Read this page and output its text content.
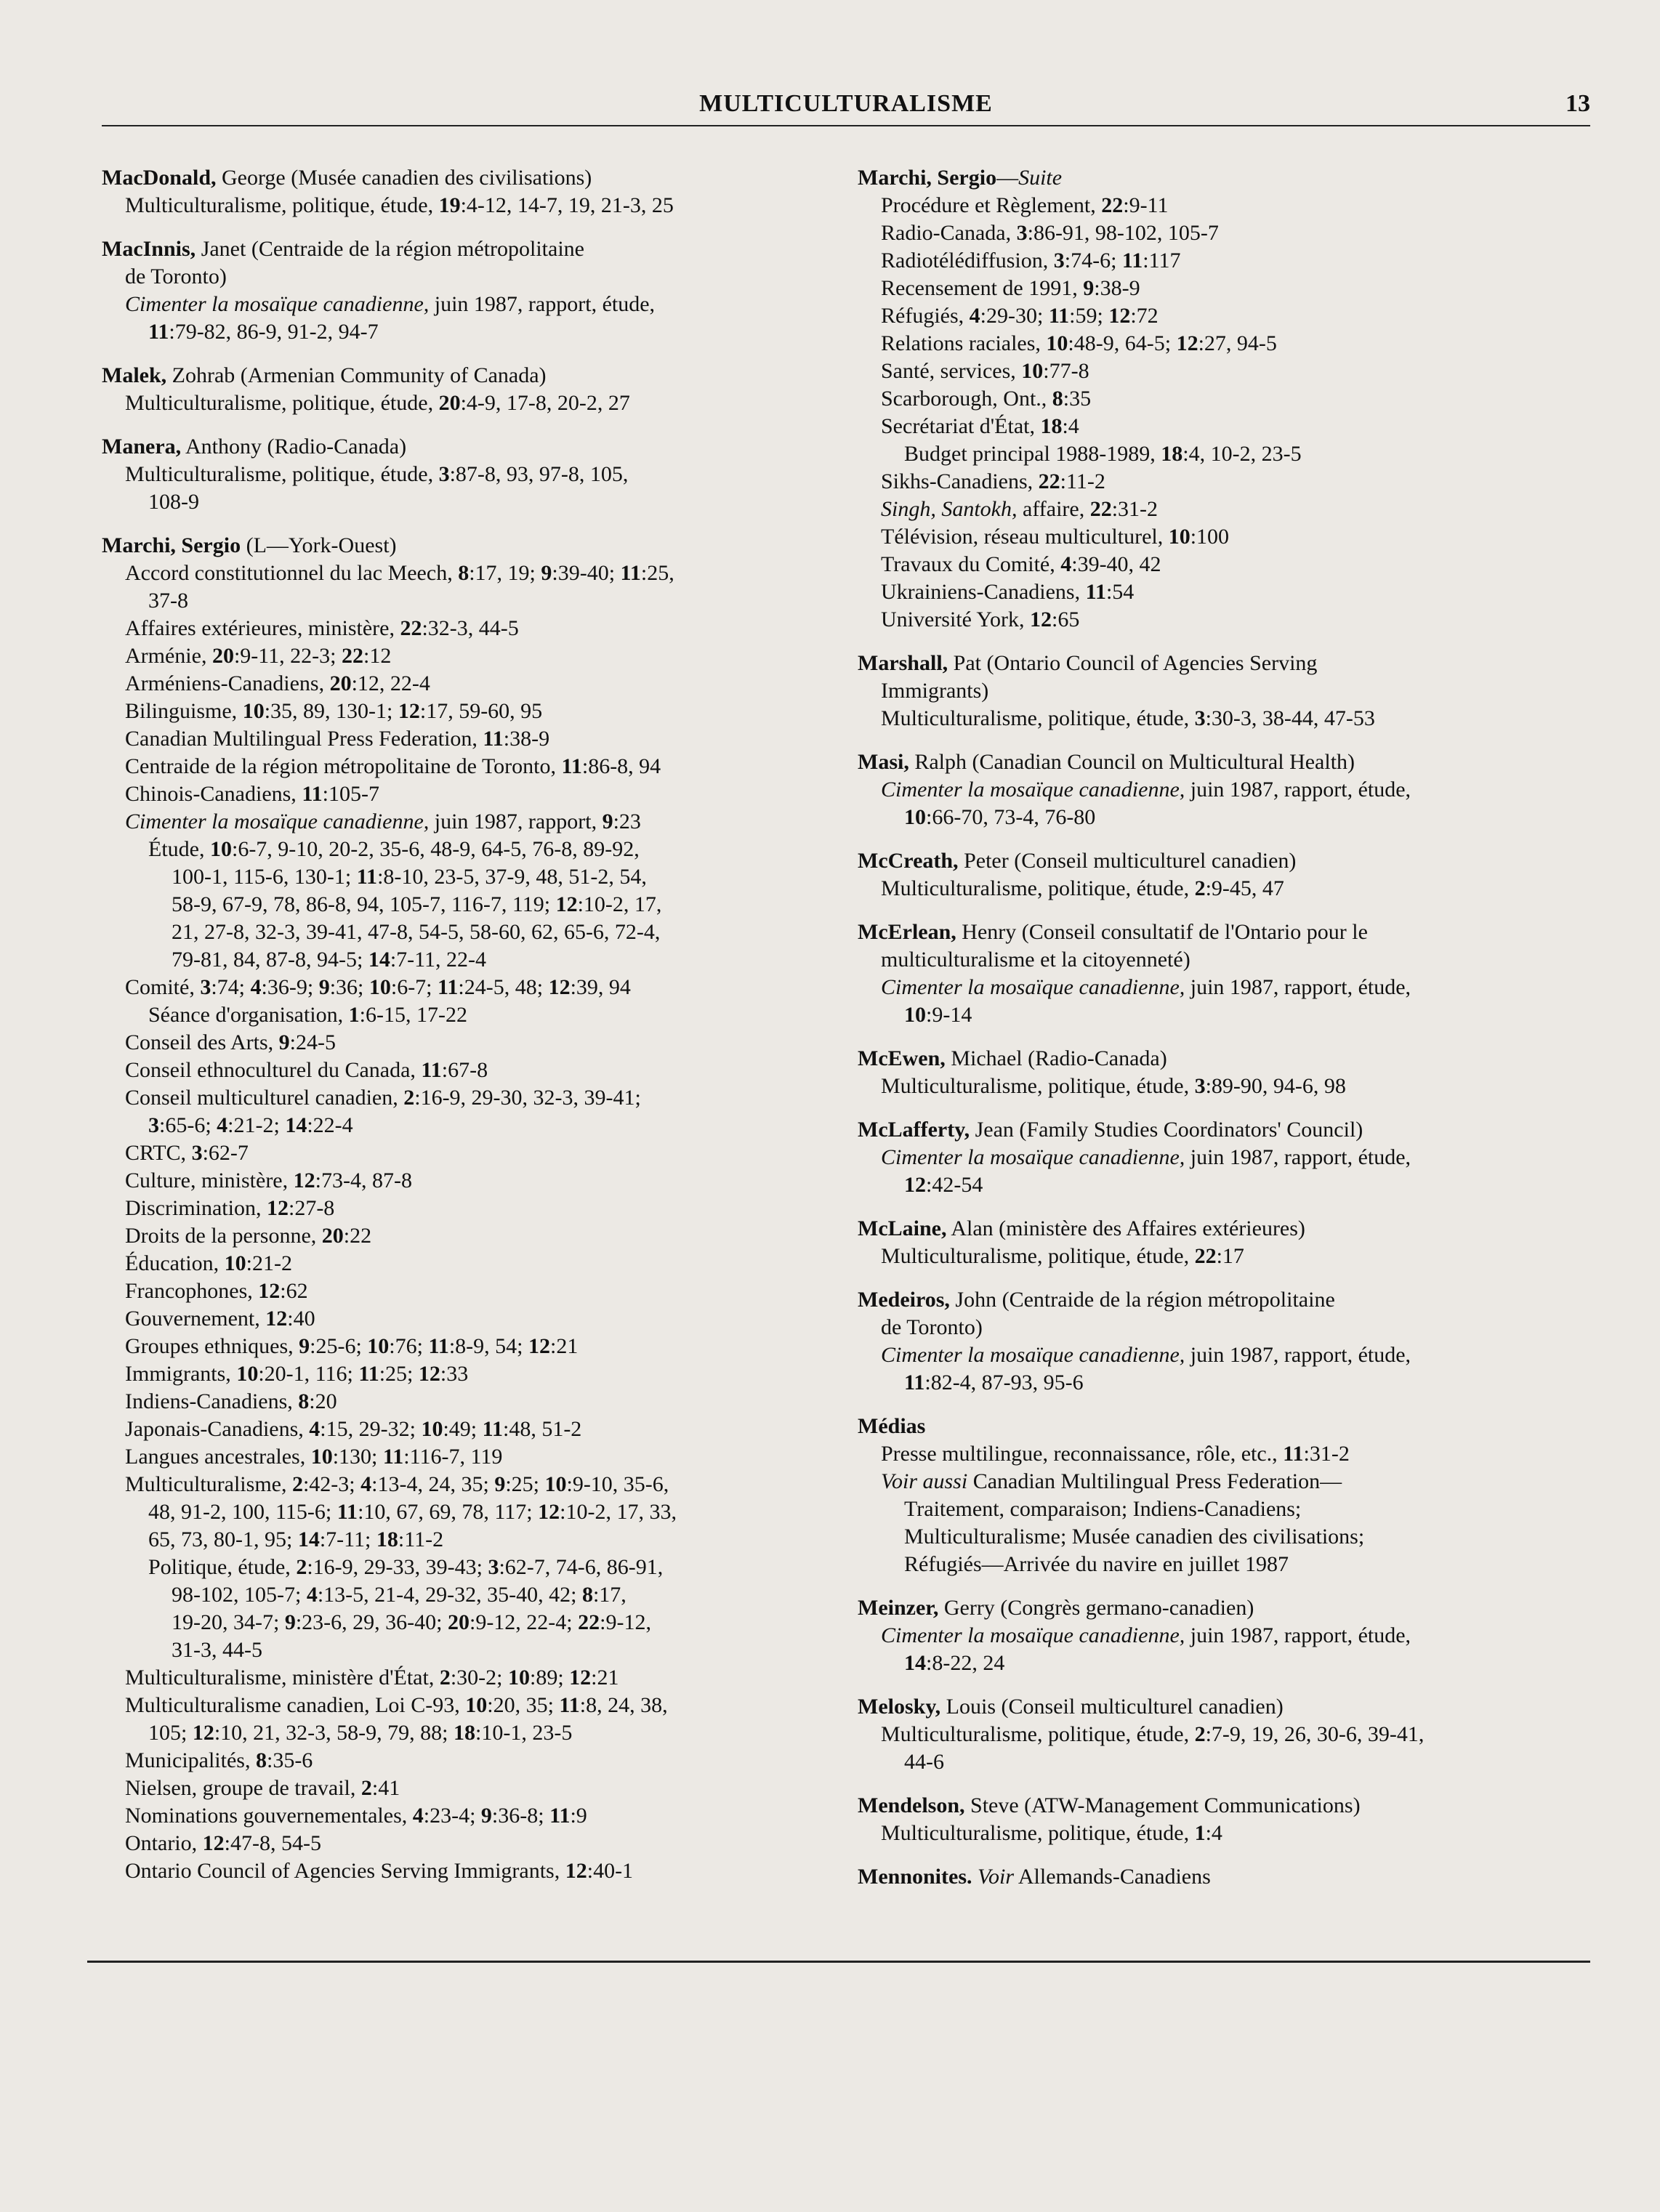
MULTICULTURALISME	13
MacDonald, George (Musée canadien des civilisations)
Multiculturalisme, politique, étude, 19:4-12, 14-7, 19, 21-3, 25
MacInnis, Janet (Centraide de la région métropolitaine
de Toronto)
Cimenter la mosaïque canadienne, juin 1987, rapport, étude,
11:79-82, 86-9, 91-2, 94-7
Malek, Zohrab (Armenian Community of Canada)
Multiculturalisme, politique, étude, 20:4-9, 17-8, 20-2, 27
Manera, Anthony (Radio-Canada)
Multiculturalisme, politique, étude, 3:87-8, 93, 97-8, 105,
108-9
Marchi, Sergio (L—York-Ouest)
Accord constitutionnel du lac Meech, 8:17, 19; 9:39-40; 11:25,
37-8
Affaires extérieures, ministère, 22:32-3, 44-5
Arménie, 20:9-11, 22-3; 22:12
Arméniens-Canadiens, 20:12, 22-4
Bilinguisme, 10:35, 89, 130-1; 12:17, 59-60, 95
Canadian Multilingual Press Federation, 11:38-9
Centraide de la région métropolitaine de Toronto, 11:86-8, 94
Chinois-Canadiens, 11:105-7
Cimenter la mosaïque canadienne, juin 1987, rapport, 9:23
Étude, 10:6-7, 9-10, 20-2, 35-6, 48-9, 64-5, 76-8, 89-92,
100-1, 115-6, 130-1; 11:8-10, 23-5, 37-9, 48, 51-2, 54,
58-9, 67-9, 78, 86-8, 94, 105-7, 116-7, 119; 12:10-2, 17,
21, 27-8, 32-3, 39-41, 47-8, 54-5, 58-60, 62, 65-6, 72-4,
79-81, 84, 87-8, 94-5; 14:7-11, 22-4
Comité, 3:74; 4:36-9; 9:36; 10:6-7; 11:24-5, 48; 12:39, 94
Séance d'organisation, 1:6-15, 17-22
Conseil des Arts, 9:24-5
Conseil ethnoculturel du Canada, 11:67-8
Conseil multiculturel canadien, 2:16-9, 29-30, 32-3, 39-41;
3:65-6; 4:21-2; 14:22-4
CRTC, 3:62-7
Culture, ministère, 12:73-4, 87-8
Discrimination, 12:27-8
Droits de la personne, 20:22
Éducation, 10:21-2
Francophones, 12:62
Gouvernement, 12:40
Groupes ethniques, 9:25-6; 10:76; 11:8-9, 54; 12:21
Immigrants, 10:20-1, 116; 11:25; 12:33
Indiens-Canadiens, 8:20
Japonais-Canadiens, 4:15, 29-32; 10:49; 11:48, 51-2
Langues ancestrales, 10:130; 11:116-7, 119
Multiculturalisme, 2:42-3; 4:13-4, 24, 35; 9:25; 10:9-10, 35-6,
48, 91-2, 100, 115-6; 11:10, 67, 69, 78, 117; 12:10-2, 17, 33,
65, 73, 80-1, 95; 14:7-11; 18:11-2
Politique, étude, 2:16-9, 29-33, 39-43; 3:62-7, 74-6, 86-91,
98-102, 105-7; 4:13-5, 21-4, 29-32, 35-40, 42; 8:17,
19-20, 34-7; 9:23-6, 29, 36-40; 20:9-12, 22-4; 22:9-12,
31-3, 44-5
Multiculturalisme, ministère d'État, 2:30-2; 10:89; 12:21
Multiculturalisme canadien, Loi C-93, 10:20, 35; 11:8, 24, 38,
105; 12:10, 21, 32-3, 58-9, 79, 88; 18:10-1, 23-5
Municipalités, 8:35-6
Nielsen, groupe de travail, 2:41
Nominations gouvernementales, 4:23-4; 9:36-8; 11:9
Ontario, 12:47-8, 54-5
Ontario Council of Agencies Serving Immigrants, 12:40-1
Marchi, Sergio—Suite
Procédure et Règlement, 22:9-11
Radio-Canada, 3:86-91, 98-102, 105-7
Radiotélédiffusion, 3:74-6; 11:117
Recensement de 1991, 9:38-9
Réfugiés, 4:29-30; 11:59; 12:72
Relations raciales, 10:48-9, 64-5; 12:27, 94-5
Santé, services, 10:77-8
Scarborough, Ont., 8:35
Secrétariat d'État, 18:4
Budget principal 1988-1989, 18:4, 10-2, 23-5
Sikhs-Canadiens, 22:11-2
Singh, Santokh, affaire, 22:31-2
Télévision, réseau multiculturel, 10:100
Travaux du Comité, 4:39-40, 42
Ukrainiens-Canadiens, 11:54
Université York, 12:65
Marshall, Pat (Ontario Council of Agencies Serving
Immigrants)
Multiculturalisme, politique, étude, 3:30-3, 38-44, 47-53
Masi, Ralph (Canadian Council on Multicultural Health)
Cimenter la mosaïque canadienne, juin 1987, rapport, étude,
10:66-70, 73-4, 76-80
McCreath, Peter (Conseil multiculturel canadien)
Multiculturalisme, politique, étude, 2:9-45, 47
McErlean, Henry (Conseil consultatif de l'Ontario pour le
multiculturalisme et la citoyenneté)
Cimenter la mosaïque canadienne, juin 1987, rapport, étude,
10:9-14
McEwen, Michael (Radio-Canada)
Multiculturalisme, politique, étude, 3:89-90, 94-6, 98
McLafferty, Jean (Family Studies Coordinators' Council)
Cimenter la mosaïque canadienne, juin 1987, rapport, étude,
12:42-54
McLaine, Alan (ministère des Affaires extérieures)
Multiculturalisme, politique, étude, 22:17
Medeiros, John (Centraide de la région métropolitaine
de Toronto)
Cimenter la mosaïque canadienne, juin 1987, rapport, étude,
11:82-4, 87-93, 95-6
Médias
Presse multilingue, reconnaissance, rôle, etc., 11:31-2
Voir aussi Canadian Multilingual Press Federation—
Traitement, comparaison; Indiens-Canadiens;
Multiculturalisme; Musée canadien des civilisations;
Réfugiés—Arrivée du navire en juillet 1987
Meinzer, Gerry (Congrès germano-canadien)
Cimenter la mosaïque canadienne, juin 1987, rapport, étude,
14:8-22, 24
Melosky, Louis (Conseil multiculturel canadien)
Multiculturalisme, politique, étude, 2:7-9, 19, 26, 30-6, 39-41,
44-6
Mendelson, Steve (ATW-Management Communications)
Multiculturalisme, politique, étude, 1:4
Mennonites. Voir Allemands-Canadiens
